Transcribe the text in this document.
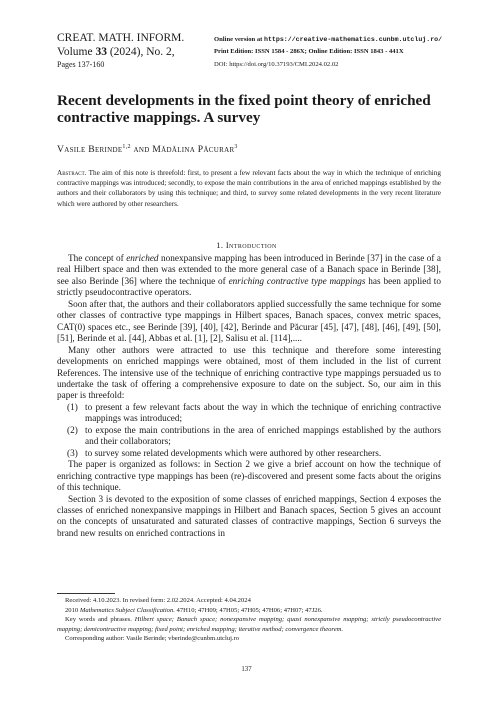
CREAT. MATH. INFORM.
Volume 33 (2024), No. 2,
Pages 137-160
Online version at https://creative-mathematics.cunbm.utcluj.ro/
Print Edition: ISSN 1584 - 286X; Online Edition: ISSN 1843 - 441X
DOI: https://doi.org/10.37193/CMI.2024.02.02
Recent developments in the fixed point theory of enriched
contractive mappings. A survey
Vasile Berinde$^{1,2}$ and Mădălina Păcurar$^3$
Abstract. The aim of this note is threefold: first, to present a few relevant facts about the way in which the technique of enriching contractive mappings was introduced; secondly, to expose the main contributions in the area of enriched mappings established by the authors and their collaborators by using this technique; and third, to survey some related developments in the very recent literature which were authored by other researchers.
1. Introduction

The concept of enriched nonexpansive mapping has been introduced in Berinde [37] in the case of a real Hilbert space and then was extended to the more general case of a Banach space in Berinde [38], see also Berinde [36] where the technique of enriching contractive type mappings has been applied to strictly pseudocontractive operators.

Soon after that, the authors and their collaborators applied successfully the same technique for some other classes of contractive type mappings in Hilbert spaces, Banach spaces, convex metric spaces, CAT(0) spaces etc., see Berinde [39], [40], [42], Berinde and Păcurar [45], [47], [48], [46], [49], [50], [51], Berinde et al. [44], Abbas et al. [1], [2], Salisu et al. [114],....

Many other authors were attracted to use this technique and therefore some interesting developments on enriched mappings were obtained, most of them included in the list of current References. The intensive use of the technique of enriching contractive type mappings persuaded us to undertake the task of offering a comprehensive exposure to date on the subject. So, our aim in this paper is threefold:

(1) to present a few relevant facts about the way in which the technique of enriching contractive mappings was introduced;
(2) to expose the main contributions in the area of enriched mappings established by the authors and their collaborators;
(3) to survey some related developments which were authored by other researchers.

The paper is organized as follows: in Section 2 we give a brief account on how the technique of enriching contractive type mappings has been (re)-discovered and present some facts about the origins of this technique.

Section 3 is devoted to the exposition of some classes of enriched mappings, Section 4 exposes the classes of enriched nonexpansive mappings in Hilbert and Banach spaces, Section 5 gives an account on the concepts of unsaturated and saturated classes of contractive mappings, Section 6 surveys the brand new results on enriched contractions in

Received: 4.10.2023. In revised form: 2.02.2024. Accepted: 4.04.2024

2010 Mathematics Subject Classification. 47H10; 47H09; 47H05; 47H05; 47H06; 47H07; 47J26.

Key words and phrases. Hilbert space; Banach space; nonexpansive mapping; quasi nonexpansive mapping; strictly pseudocontractive mapping; demicontractive mapping; fixed point; enriched mapping; iterative method; convergence theorem.

Corresponding author: Vasile Berinde; vberinde@cunbm.utcluj.ro

137
